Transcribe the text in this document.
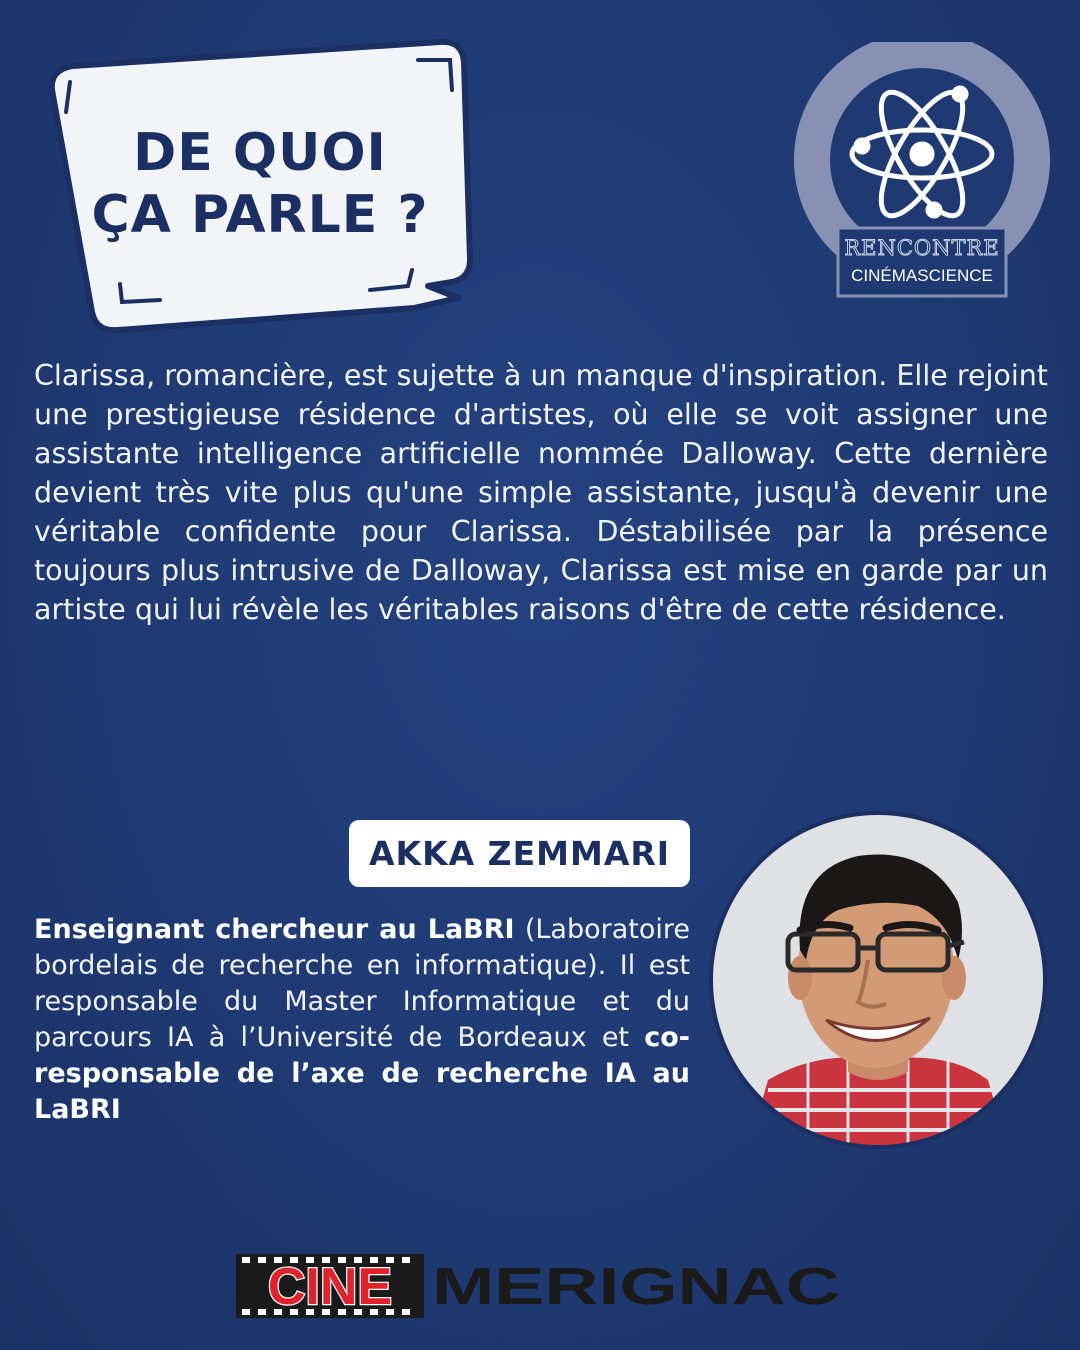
DE QUOI
ÇA PARLE ?
RENCONTRE
CINÉMASCIENCE

Clarissa, romancière, est sujette à un manque d'inspiration. Elle rejoint une prestigieuse résidence d'artistes, où elle se voit assigner une assistante intelligence artificielle nommée Dalloway. Cette dernière devient très vite plus qu'une simple assistante, jusqu'à devenir une véritable confidente pour Clarissa. Déstabilisée par la présence toujours plus intrusive de Dalloway, Clarissa est mise en garde par un artiste qui lui révèle les véritables raisons d'être de cette résidence.

AKKA ZEMMARI

Enseignant chercheur au LaBRI (Laboratoire bordelais de recherche en informatique). Il est responsable du Master Informatique et du parcours IA à l’Université de Bordeaux et co-responsable de l’axe de recherche IA au LaBRI

CINE MERIGNAC
